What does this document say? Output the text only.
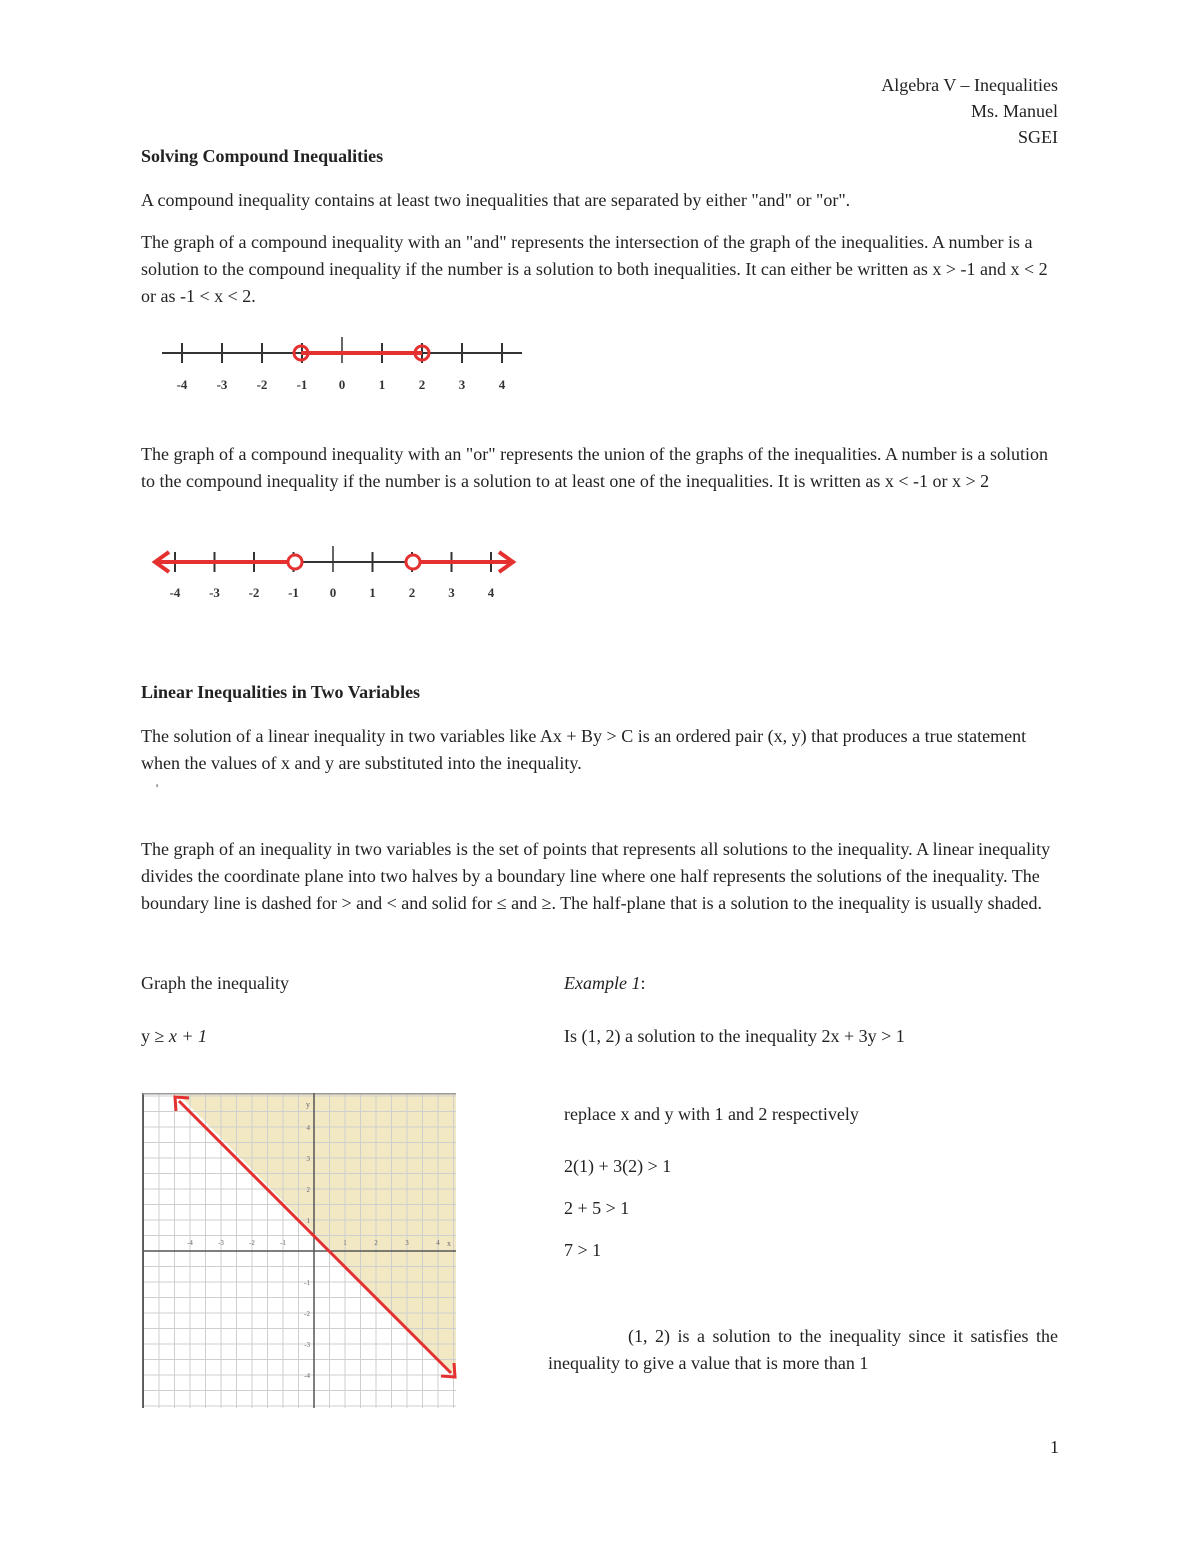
Algebra V – Inequalities
Ms. Manuel
SGEI
Solving Compound Inequalities

A compound inequality contains at least two inequalities that are separated by either "and" or "or".

The graph of a compound inequality with an "and" represents the intersection of the graph of the inequalities. A number is a solution to the compound inequality if the number is a solution to both inequalities. It can either be written as x > -1 and x < 2 or as -1 < x < 2.

-4 -3 -2 -1 0	1	2	3	4

The graph of a compound inequality with an "or" represents the union of the graphs of the inequalities. A number is a solution to the compound inequality if the number is a solution to at least one of the inequalities. It is written as x < -1 or x > 2

-4 -3 -2 -1 0	1	2	3	4
Linear Inequalities in Two Variables

The solution of a linear inequality in two variables like Ax + By > C is an ordered pair (x, y) that produces a true statement when the values of x and y are substituted into the inequality.

'

The graph of an inequality in two variables is the set of points that represents all solutions to the inequality. A linear inequality divides the coordinate plane into two halves by a boundary line where one half represents the solutions of the inequality. The boundary line is dashed for > and < and solid for ≤ and ≥. The half-plane that is a solution to the inequality is usually shaded.

Graph the inequality

y ≥ x + 1

Example 1:

Is (1, 2) a solution to the inequality 2x + 3y > 1

replace x and y with 1 and 2 respectively

2(1) + 3(2) > 1

2 + 5 > 1

7 > 1

(1, 2) is a solution to the inequality since it satisfies the inequality to give a value that is more than 1

y
x
-4	-3	-2	-1	1	2	3	4
4
3
2
1
-1
-2
-3
-4
1
